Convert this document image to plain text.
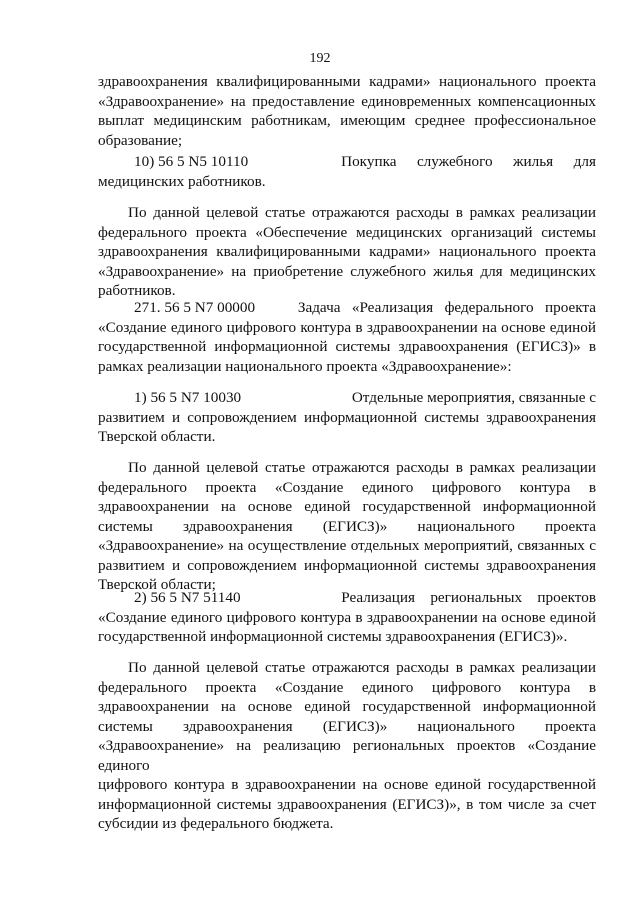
192
здравоохранения квалифицированными кадрами» национального проекта
«Здравоохранение» на предоставление единовременных компенсационных
выплат медицинским работникам, имеющим среднее профессиональное
образование;
10) 56 5 N5 10110	Покупка служебного жилья для
медицинских работников.
По данной целевой статье отражаются расходы в рамках реализации
федерального проекта «Обеспечение медицинских организаций системы
здравоохранения квалифицированными кадрами» национального проекта
«Здравоохранение» на приобретение служебного жилья для медицинских
работников.
271. 56 5 N7 00000	Задача «Реализация федерального проекта
«Создание единого цифрового контура в здравоохранении на основе единой
государственной информационной системы здравоохранения (ЕГИСЗ)» в
рамках реализации национального проекта «Здравоохранение»:
1) 56 5 N7 10030	Отдельные мероприятия, связанные с
развитием и сопровождением информационной системы здравоохранения
Тверской области.
По данной целевой статье отражаются расходы в рамках реализации
федерального проекта «Создание единого цифрового контура в
здравоохранении на основе единой государственной информационной
системы здравоохранения (ЕГИСЗ)» национального проекта
«Здравоохранение» на осуществление отдельных мероприятий, связанных с
развитием и сопровождением информационной системы здравоохранения
Тверской области;
2) 56 5 N7 51140	Реализация региональных проектов
«Создание единого цифрового контура в здравоохранении на основе единой
государственной информационной системы здравоохранения (ЕГИСЗ)».
По данной целевой статье отражаются расходы в рамках реализации
федерального проекта «Создание единого цифрового контура в
здравоохранении на основе единой государственной информационной
системы здравоохранения (ЕГИСЗ)» национального проекта
«Здравоохранение» на реализацию региональных проектов «Создание единого
цифрового контура в здравоохранении на основе единой государственной
информационной системы здравоохранения (ЕГИСЗ)», в том числе за счет
субсидии из федерального бюджета.
